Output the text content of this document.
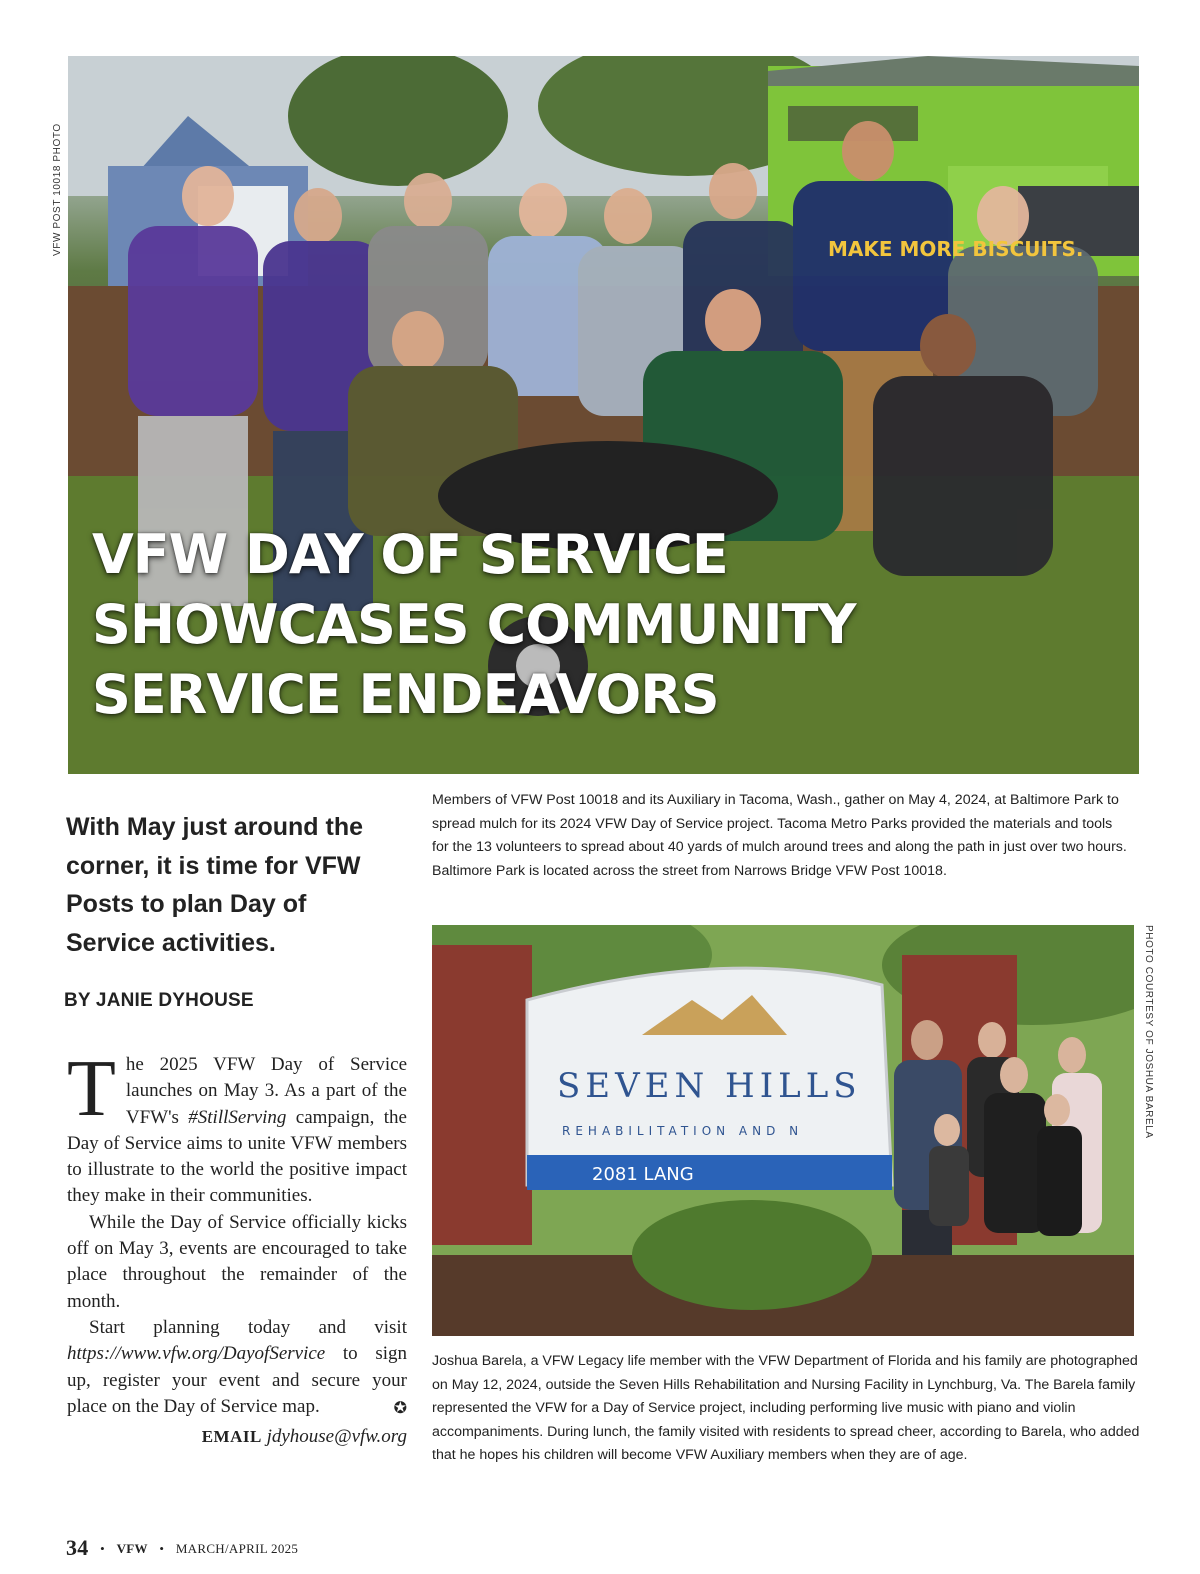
VFW POST 10018 PHOTO	MAKE MORE BISCUITS.
VFW DAY OF SERVICE
SHOWCASES COMMUNITY
SERVICE ENDEAVORS
Members of VFW Post 10018 and its Auxiliary in Tacoma, Wash., gather on May 4, 2024, at Baltimore Park to spread mulch for its 2024 VFW Day of Service project. Tacoma Metro Parks provided the materials and tools for the 13 volunteers to spread about 40 yards of mulch around trees and along the path in just over two hours. Baltimore Park is located across the street from Narrows Bridge VFW Post 10018.
With May just around the corner, it is time for VFW Posts to plan Day of Service activities.
BY JANIE DYHOUSE

The 2025 VFW Day of Service launches on May 3. As a part of the VFW's #StillServing campaign, the Day of Service aims to unite VFW members to illustrate to the world the positive impact they make in their communities.

While the Day of Service officially kicks off on May 3, events are encouraged to take place throughout the remainder of the month.

Start planning today and visit https://www.vfw.org/DayofService to sign up, register your event and secure your place on the Day of Service map.	✪

EMAIL jdyhouse@vfw.org
SEVEN HILLS
REHABILITATION AND N
2081 LANG
PHOTO COURTESY OF JOSHUA BARELA
Joshua Barela, a VFW Legacy life member with the VFW Department of Florida and his family are photographed on May 12, 2024, outside the Seven Hills Rehabilitation and Nursing Facility in Lynchburg, Va. The Barela family represented the VFW for a Day of Service project, including performing live music with piano and violin accompaniments. During lunch, the family visited with residents to spread cheer, according to Barela, who added that he hopes his children will become VFW Auxiliary members when they are of age.
34 • VFW • MARCH/APRIL 2025
